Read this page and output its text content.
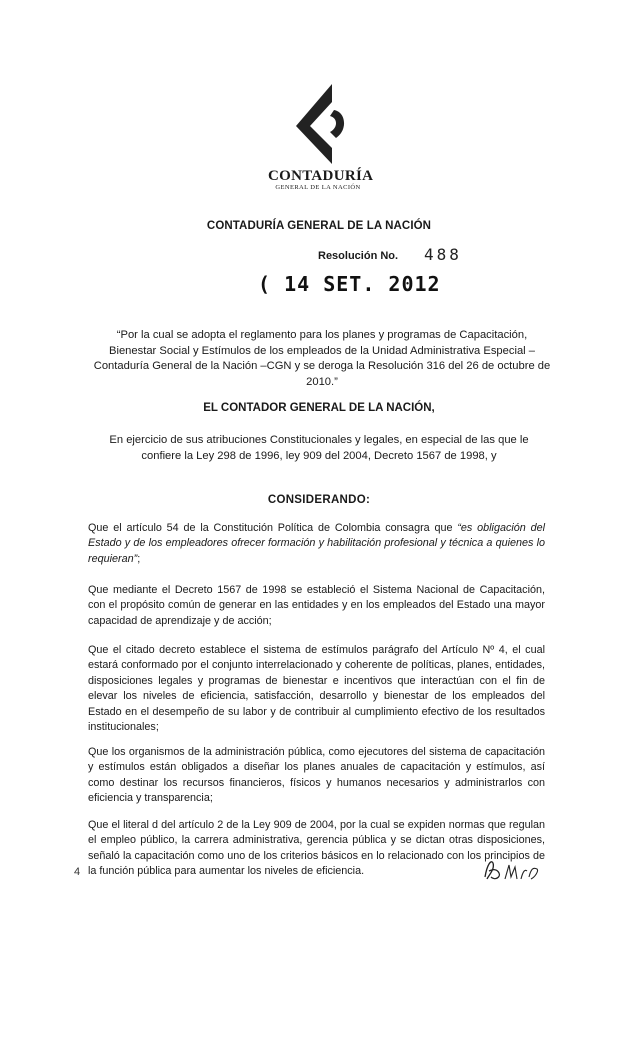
CONTADURÍA
GENERAL DE LA NACIÓN
CONTADURÍA GENERAL DE LA NACIÓN
Resolución No. 488
( 14 SET. 2012
“Por la cual se adopta el reglamento para los planes y programas de Capacitación, Bienestar Social y Estímulos de los empleados de la Unidad Administrativa Especial – Contaduría General de la Nación –CGN y se deroga la Resolución 316 del 26 de octubre de 2010.”
EL CONTADOR GENERAL DE LA NACIÓN,
En ejercicio de sus atribuciones Constitucionales y legales, en especial de las que le confiere la Ley 298 de 1996, ley 909 del 2004, Decreto 1567 de 1998, y
CONSIDERANDO:
Que el artículo 54 de la Constitución Política de Colombia consagra que “es obligación del Estado y de los empleadores ofrecer formación y habilitación profesional y técnica a quienes lo requieran”;
Que mediante el Decreto 1567 de 1998 se estableció el Sistema Nacional de Capacitación, con el propósito común de generar en las entidades y en los empleados del Estado una mayor capacidad de aprendizaje y de acción;
Que el citado decreto establece el sistema de estímulos parágrafo del Artículo Nº 4, el cual estará conformado por el conjunto interrelacionado y coherente de políticas, planes, entidades, disposiciones legales y programas de bienestar e incentivos que interactúan con el fin de elevar los niveles de eficiencia, satisfacción, desarrollo y bienestar de los empleados del Estado en el desempeño de su labor y de contribuir al cumplimiento efectivo de los resultados institucionales;
Que los organismos de la administración pública, como ejecutores del sistema de capacitación y estímulos están obligados a diseñar los planes anuales de capacitación y estímulos, así como destinar los recursos financieros, físicos y humanos necesarios y administrarlos con eficiencia y transparencia;
Que el literal d del artículo 2 de la Ley 909 de 2004, por la cual se expiden normas que regulan el empleo público, la carrera administrativa, gerencia pública y se dictan otras disposiciones, señaló la capacitación como uno de los criterios básicos en lo relacionado con los principios de la función pública para aumentar los niveles de eficiencia.
4
